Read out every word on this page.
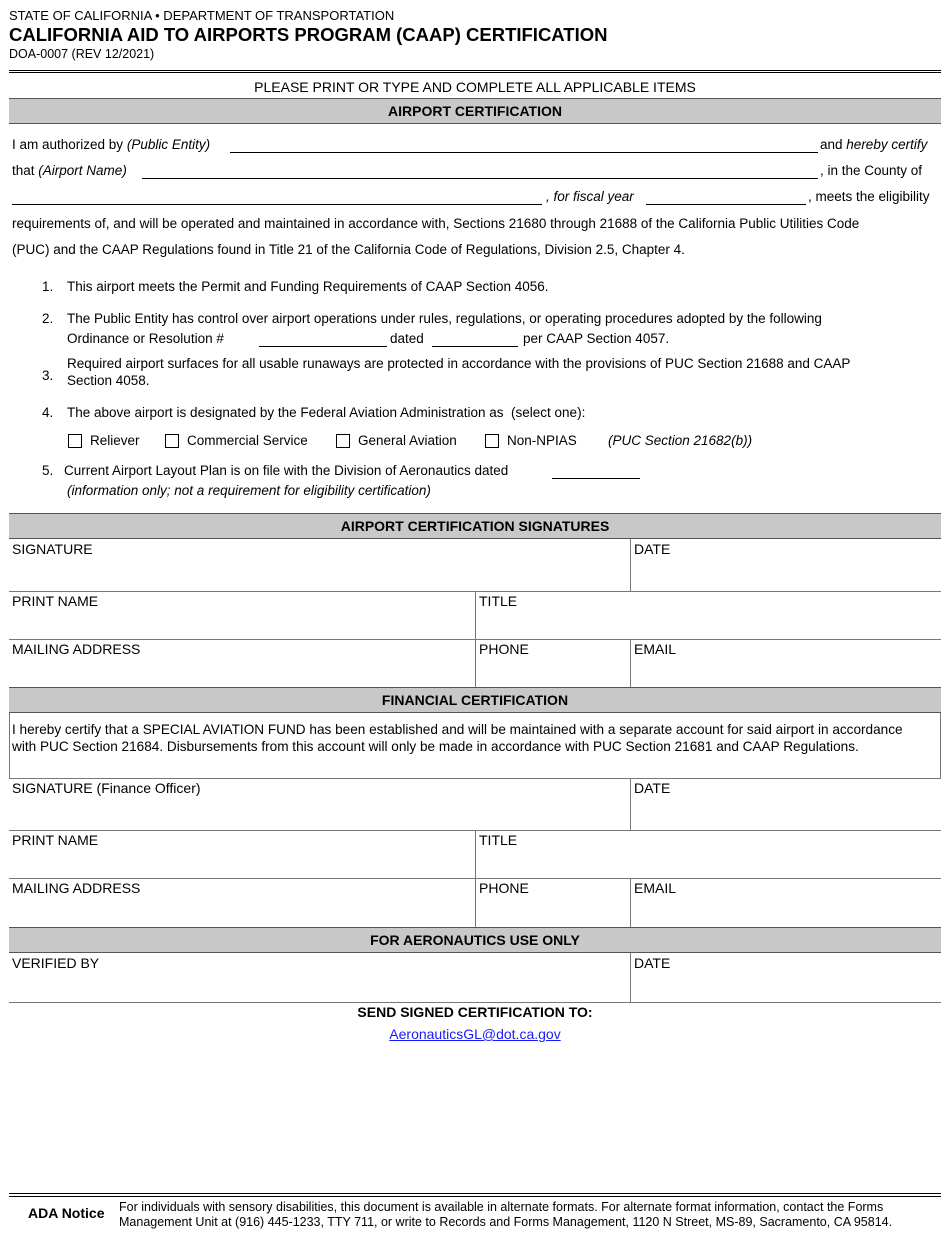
STATE OF CALIFORNIA • DEPARTMENT OF TRANSPORTATION
CALIFORNIA AID TO AIRPORTS PROGRAM (CAAP) CERTIFICATION
DOA-0007 (REV 12/2021)
PLEASE PRINT OR TYPE AND COMPLETE ALL APPLICABLE ITEMS
AIRPORT CERTIFICATION
I am authorized by (Public Entity)	and hereby certify
that (Airport Name)	, in the County of
, for fiscal year	, meets the eligibility
requirements of, and will be operated and maintained in accordance with, Sections 21680 through 21688 of the California Public Utilities Code
(PUC) and the CAAP Regulations found in Title 21 of the California Code of Regulations, Division 2.5, Chapter 4.
1. This airport meets the Permit and Funding Requirements of CAAP Section 4056.
2. The Public Entity has control over airport operations under rules, regulations, or operating procedures adopted by the following
Ordinance or Resolution #	dated	per CAAP Section 4057.
3.
Required airport surfaces for all usable runaways are protected in accordance with the provisions of PUC Section 21688 and CAAP
Section 4058.
4. The above airport is designated by the Federal Aviation Administration as (select one):
Reliever	Commercial Service	General Aviation	Non-NPIAS (PUC Section 21682(b))
5. Current Airport Layout Plan is on file with the Division of Aeronautics dated
(information only; not a requirement for eligibility certification)
AIRPORT CERTIFICATION SIGNATURES
SIGNATURE	DATE
PRINT NAME	TITLE
MAILING ADDRESS	PHONE	EMAIL
FINANCIAL CERTIFICATION
I hereby certify that a SPECIAL AVIATION FUND has been established and will be maintained with a separate account for said airport in accordance with PUC Section 21684. Disbursements from this account will only be made in accordance with PUC Section 21681 and CAAP Regulations.
SIGNATURE (Finance Officer)	DATE
PRINT NAME	TITLE
MAILING ADDRESS	PHONE	EMAIL
FOR AERONAUTICS USE ONLY
VERIFIED BY	DATE
SEND SIGNED CERTIFICATION TO:
AeronauticsGL@dot.ca.gov
ADA Notice For individuals with sensory disabilities, this document is available in alternate formats. For alternate format information, contact the Forms Management Unit at (916) 445-1233, TTY 711, or write to Records and Forms Management, 1120 N Street, MS-89, Sacramento, CA 95814.
